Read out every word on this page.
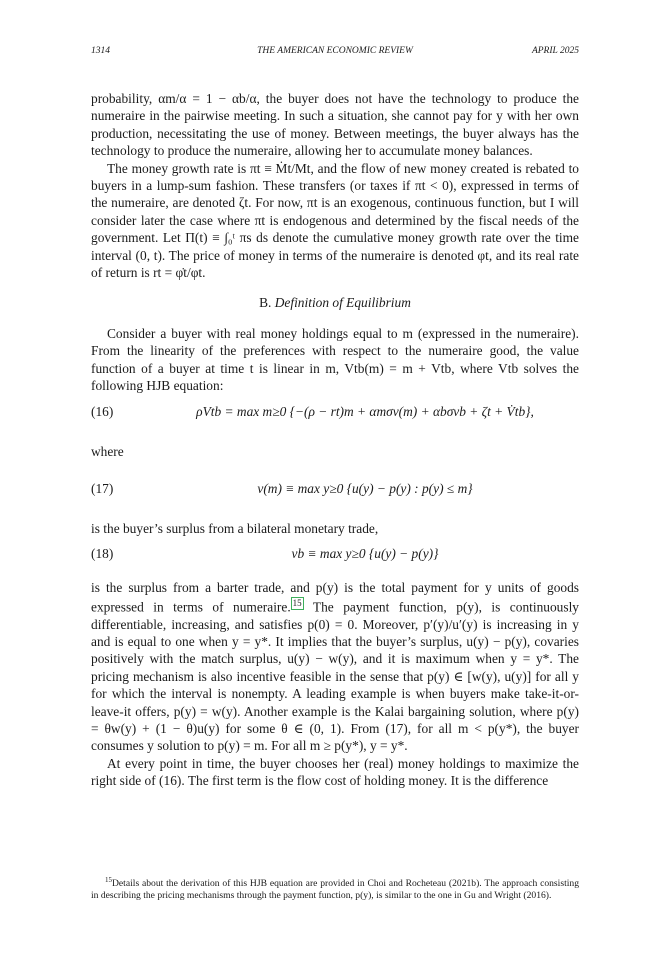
1314	THE AMERICAN ECONOMIC REVIEW	APRIL 2025

probability, αm/α = 1 − αb/α, the buyer does not have the technology to produce the numeraire in the pairwise meeting. In such a situation, she cannot pay for y with her own production, necessitating the use of money. Between meetings, the buyer always has the technology to produce the numeraire, allowing her to accumulate money balances.

The money growth rate is πt ≡ Ṁt/Mt, and the flow of new money created is rebated to buyers in a lump-sum fashion. These transfers (or taxes if πt < 0), expressed in terms of the numeraire, are denoted ζt. For now, πt is an exogenous, continuous function, but I will consider later the case where πt is endogenous and determined by the fiscal needs of the government. Let Π(t) ≡ ∫₀ᵗ πs ds denote the cumulative money growth rate over the time interval (0, t). The price of money in terms of the numeraire is denoted φt, and its real rate of return is rt = φ̇t/φt.

B. Definition of Equilibrium

Consider a buyer with real money holdings equal to m (expressed in the numeraire). From the linearity of the preferences with respect to the numeraire good, the value function of a buyer at time t is linear in m, Vtb(m) = m + Vtb, where Vtb solves the following HJB equation:

(16)	ρVtb = max m≥0 {−(ρ − rt)m + αmσv(m) + αbσvb + ζt + V̇tb},

where

(17)	v(m) ≡ max y≥0 {u(y) − p(y) : p(y) ≤ m}

is the buyer’s surplus from a bilateral monetary trade,

(18)	vb ≡ max y≥0 {u(y) − p(y)}

is the surplus from a barter trade, and p(y) is the total payment for y units of goods expressed in terms of numeraire. 15 The payment function, p(y), is continuously differentiable, increasing, and satisfies p(0) = 0. Moreover, p′(y)/u′(y) is increasing in y and is equal to one when y = y*. It implies that the buyer’s surplus, u(y) − p(y), covaries positively with the match surplus, u(y) − w(y), and it is maximum when y = y*. The pricing mechanism is also incentive feasible in the sense that p(y) ∈ [w(y), u(y)] for all y for which the interval is nonempty. A leading example is when buyers make take-it-or-leave-it offers, p(y) = w(y). Another example is the Kalai bargaining solution, where p(y) = θw(y) + (1 − θ)u(y) for some θ ∈ (0, 1). From (17), for all m < p(y*), the buyer consumes y solution to p(y) = m. For all m ≥ p(y*), y = y*.

At every point in time, the buyer chooses her (real) money holdings to maximize the right side of (16). The first term is the flow cost of holding money. It is the difference

$^{15}$Details about the derivation of this HJB equation are provided in Choi and Rocheteau (2021b). The approach consisting in describing the pricing mechanisms through the payment function, p(y), is similar to the one in Gu and Wright (2016).
